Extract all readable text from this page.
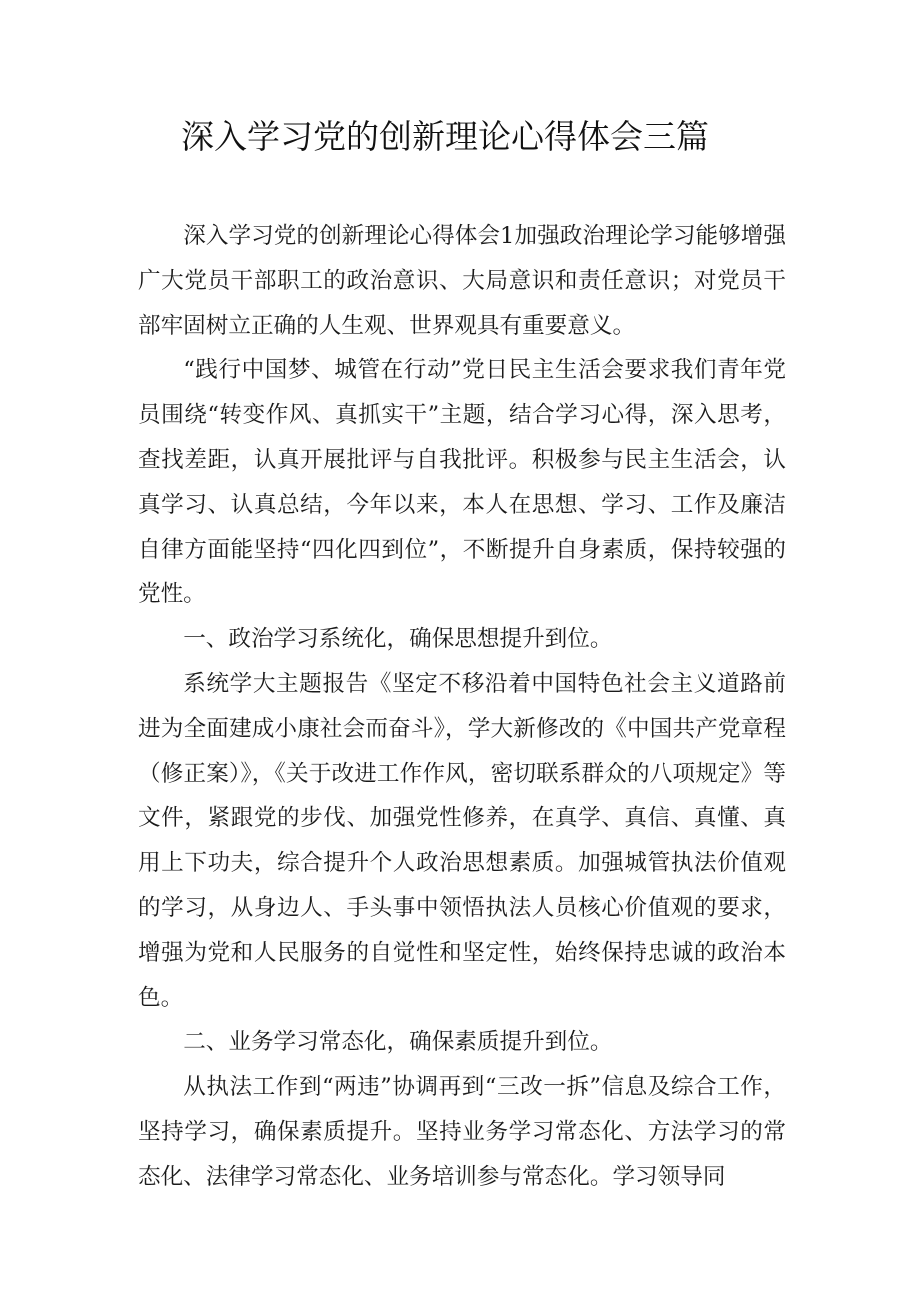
深入学习党的创新理论心得体会三篇

深入学习党的创新理论心得体会1加强政治理论学习能够增强广大党员干部职工的政治意识、大局意识和责任意识；对党员干部牢固树立正确的人生观、世界观具有重要意义。

“践行中国梦、城管在行动”党日民主生活会要求我们青年党员围绕“转变作风、真抓实干”主题，结合学习心得，深入思考，查找差距，认真开展批评与自我批评。积极参与民主生活会，认真学习、认真总结，今年以来，本人在思想、学习、工作及廉洁自律方面能坚持“四化四到位”，不断提升自身素质，保持较强的党性。

一、政治学习系统化，确保思想提升到位。

系统学大主题报告《坚定不移沿着中国特色社会主义道路前进为全面建成小康社会而奋斗》，学大新修改的《中国共产党章程（修正案）》，《关于改进工作作风，密切联系群众的八项规定》等文件，紧跟党的步伐、加强党性修养，在真学、真信、真懂、真用上下功夫，综合提升个人政治思想素质。加强城管执法价值观的学习，从身边人、手头事中领悟执法人员核心价值观的要求，增强为党和人民服务的自觉性和坚定性，始终保持忠诚的政治本色。

二、业务学习常态化，确保素质提升到位。

从执法工作到“两违”协调再到“三改一拆”信息及综合工作，坚持学习，确保素质提升。坚持业务学习常态化、方法学习的常态化、法律学习常态化、业务培训参与常态化。学习领导同
